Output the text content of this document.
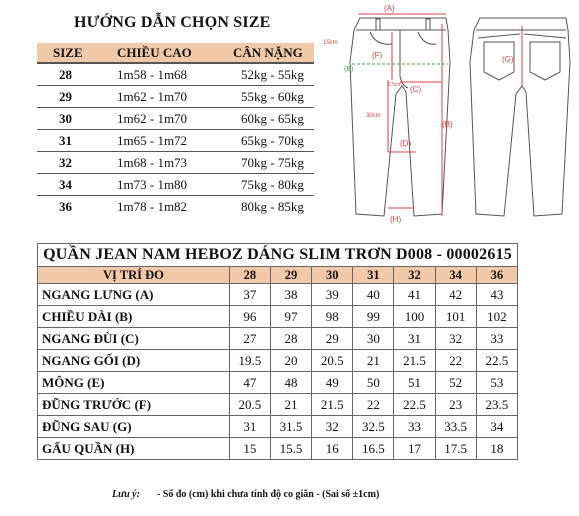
HƯỚNG DẪN CHỌN SIZE
SIZE	CHIỀU CAO	CÂN NẶNG
28	1m58 - 1m68	52kg - 55kg
29	1m62 - 1m70	55kg - 60kg
30	1m62 - 1m70	60kg - 65kg
31	1m65 - 1m72	65kg - 70kg
32	1m68 - 1m73	70kg - 75kg
34	1m73 - 1m80	75kg - 80kg
36	1m78 - 1m82	80kg - 85kg
(A)
(F)
(C)
(B)
(D)
(H)
(G)
15cm
30cm
2.5cm
(E)
QUẦN JEAN NAM HEBOZ DÁNG SLIM TRƠN D008 - 00002615							
VỊ TRÍ ĐO	28	29	30	31	32	34	36
NGANG LƯNG (A)	37	38	39	40	41	42	43
CHIỀU DÀI (B)	96	97	98	99	100	101	102
NGANG ĐÙI (C)	27	28	29	30	31	32	33
NGANG GỐI (D)	19.5	20	20.5	21	21.5	22	22.5
MÔNG (E)	47	48	49	50	51	52	53
ĐŨNG TRƯỚC (F)	20.5	21	21.5	22	22.5	23	23.5
ĐŨNG SAU (G)	31	31.5	32	32.5	33	33.5	34
GẤU QUẦN (H)	15	15.5	16	16.5	17	17.5	18
Lưu ý: - Số đo (cm) khi chưa tính độ co giãn - (Sai số ±1cm)
